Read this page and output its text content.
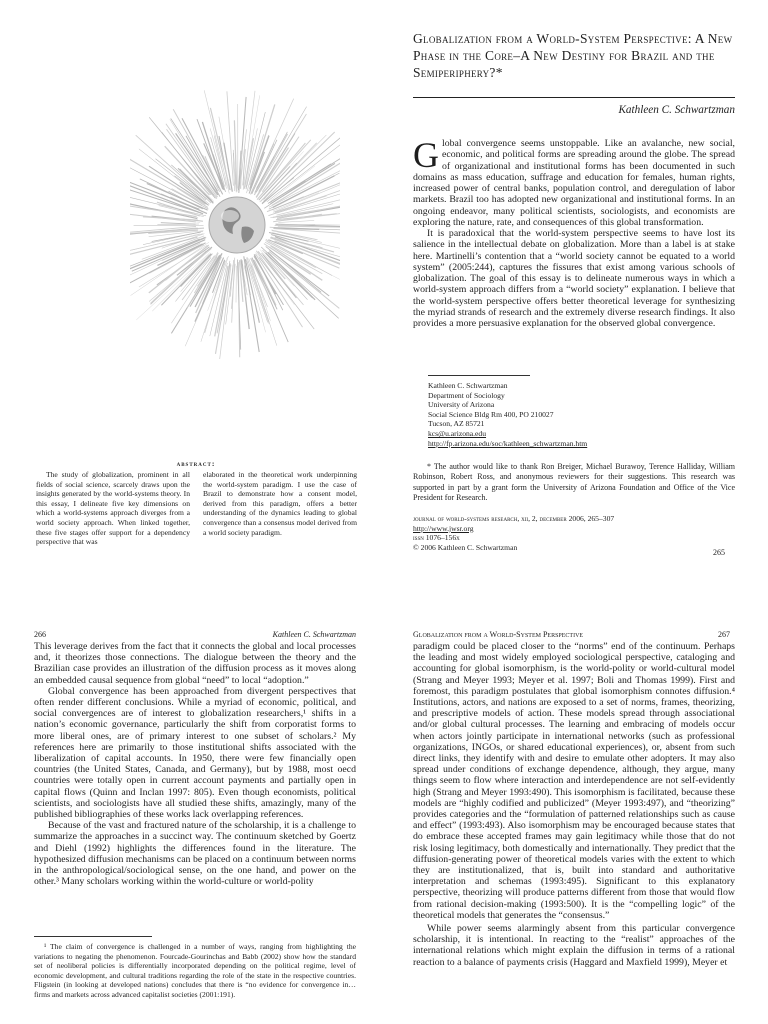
Globalization from a World-System Perspective: A New Phase in the Core–A New Destiny for Brazil and the Semiperiphery?*
Kathleen C. Schwartzman

Global convergence seems unstoppable. Like an avalanche, new social, economic, and political forms are spreading around the globe. The spread of organizational and institutional forms has been documented in such domains as mass education, suffrage and education for females, human rights, increased power of central banks, population control, and deregulation of labor markets. Brazil too has adopted new organizational and institutional forms. In an ongoing endeavor, many political scientists, sociologists, and economists are exploring the nature, rate, and consequences of this global transformation.

It is paradoxical that the world-system perspective seems to have lost its salience in the intellectual debate on globalization. More than a label is at stake here. Martinelli’s contention that a “world society cannot be equated to a world system” (2005:244), captures the fissures that exist among various schools of globalization. The goal of this essay is to delineate numerous ways in which a world-system approach differs from a “world society” explanation. I believe that the world-system perspective offers better theoretical leverage for synthesizing the myriad strands of research and the extremely diverse research findings. It also provides a more persuasive explanation for the observed global convergence.

Kathleen C. Schwartzman
Department of Sociology
University of Arizona
Social Science Bldg Rm 400, PO 210027
Tucson, AZ 85721
kcs@u.arizona.edu
http://fp.arizona.edu/soc/kathleen_schwartzman.htm
* The author would like to thank Ron Breiger, Michael Burawoy, Terence Halliday, William Robinson, Robert Ross, and anonymous reviewers for their suggestions. This research was supported in part by a grant form the University of Arizona Foundation and Office of the Vice President for Research.
journal of world-systems research, xii, 2, december 2006, 265–307
http://www.jwsr.org
issn 1076–156x
© 2006 Kathleen C. Schwartzman
265
abstract:
The study of globalization, prominent in all fields of social science, scarcely draws upon the insights generated by the world-systems theory. In this essay, I delineate five key dimensions on which a world-systems approach diverges from a world society approach. When linked together, these five stages offer support for a dependency perspective that was
elaborated in the theoretical work underpinning the world-system paradigm. I use the case of Brazil to demonstrate how a consent model, derived from this paradigm, offers a better understanding of the dynamics leading to global convergence than a consensus model derived from a world society paradigm.
266	Kathleen C. Schwartzman

This leverage derives from the fact that it connects the global and local processes and, it theorizes those connections. The dialogue between the theory and the Brazilian case provides an illustration of the diffusion process as it moves along an embedded causal sequence from global “need” to local “adoption.”

Global convergence has been approached from divergent perspectives that often render different conclusions. While a myriad of economic, political, and social convergences are of interest to globalization researchers,¹ shifts in a nation’s economic governance, particularly the shift from corporatist forms to more liberal ones, are of primary interest to one subset of scholars.² My references here are primarily to those institutional shifts associated with the liberalization of capital accounts. In 1950, there were few financially open countries (the United States, Canada, and Germany), but by 1988, most oecd countries were totally open in current account payments and partially open in capital flows (Quinn and Inclan 1997: 805). Even though economists, political scientists, and sociologists have all studied these shifts, amazingly, many of the published bibliographies of these works lack overlapping references.

Because of the vast and fractured nature of the scholarship, it is a challenge to summarize the approaches in a succinct way. The continuum sketched by Goertz and Diehl (1992) highlights the differences found in the literature. The hypothesized diffusion mechanisms can be placed on a continuum between norms in the anthropological/sociological sense, on the one hand, and power on the other.³ Many scholars working within the world-culture or world-polity

¹ The claim of convergence is challenged in a number of ways, ranging from highlighting the variations to negating the phenomenon. Fourcade-Gourinchas and Babb (2002) show how the standard set of neoliberal policies is differentially incorporated depending on the political regime, level of economic development, and cultural traditions regarding the role of the state in the respective countries. Fligstein (in looking at developed nations) concludes that there is “no evidence for convergence in…firms and markets across advanced capitalist societies (2001:191).
Globalization from a World-System Perspective	267

paradigm could be placed closer to the “norms” end of the continuum. Perhaps the leading and most widely employed sociological perspective, cataloging and accounting for global isomorphism, is the world-polity or world-cultural model (Strang and Meyer 1993; Meyer et al. 1997; Boli and Thomas 1999). First and foremost, this paradigm postulates that global isomorphism connotes diffusion.⁴ Institutions, actors, and nations are exposed to a set of norms, frames, theorizing, and prescriptive models of action. These models spread through associational and/or global cultural processes. The learning and embracing of models occur when actors jointly participate in international networks (such as professional organizations, INGOs, or shared educational experiences), or, absent from such direct links, they identify with and desire to emulate other adopters. It may also spread under conditions of exchange dependence, although, they argue, many things seem to flow where interaction and interdependence are not self-evidently high (Strang and Meyer 1993:490). This isomorphism is facilitated, because these models are “highly codified and publicized” (Meyer 1993:497), and “theorizing” provides categories and the “formulation of patterned relationships such as cause and effect” (1993:493). Also isomorphism may be encouraged because states that do embrace these accepted frames may gain legitimacy while those that do not risk losing legitimacy, both domestically and internationally. They predict that the diffusion-generating power of theoretical models varies with the extent to which they are institutionalized, that is, built into standard and authoritative interpretation and schemas (1993:495). Significant to this explanatory perspective, theorizing will produce patterns different from those that would flow from rational decision-making (1993:500). It is the “compelling logic” of the theoretical models that generates the “consensus.”

While power seems alarmingly absent from this particular convergence scholarship, it is intentional. In reacting to the “realist” approaches of the international relations which might explain the diffusion in terms of a rational reaction to a balance of payments crisis (Haggard and Maxfield 1999), Meyer et
